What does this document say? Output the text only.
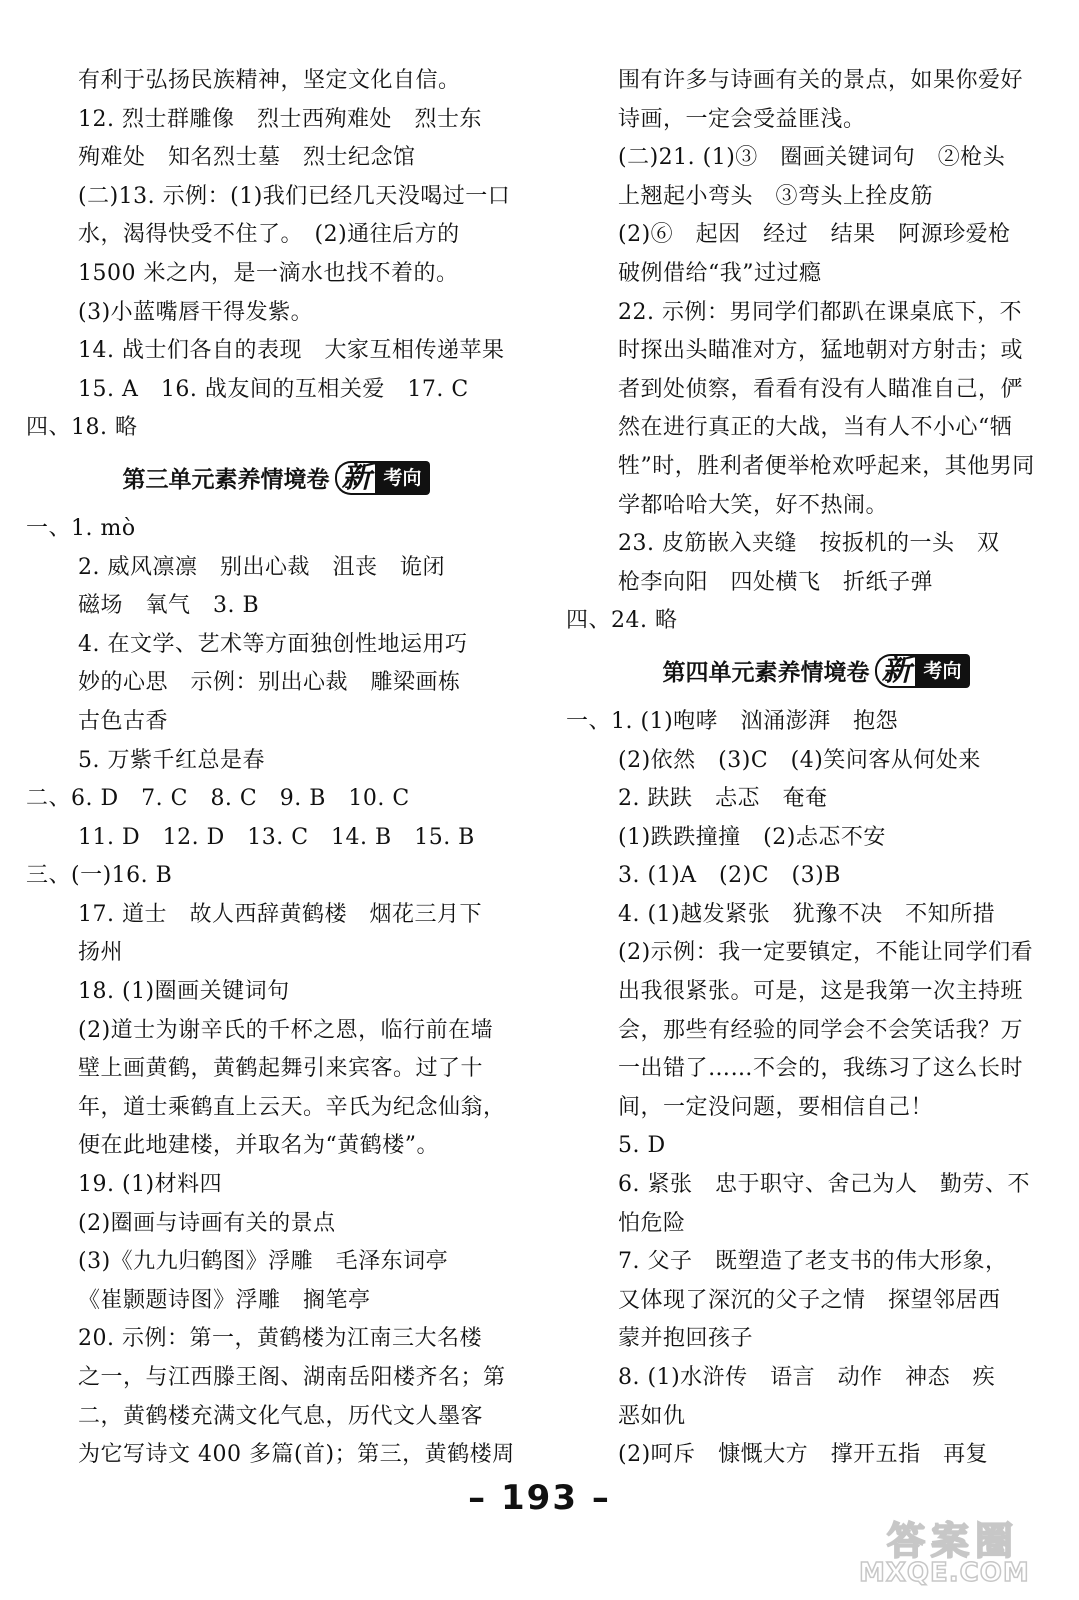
有利于弘扬民族精神，坚定文化自信。
12. 烈士群雕像　烈士西殉难处　烈士东
殉难处　知名烈士墓　烈士纪念馆
(二)13. 示例：(1)我们已经几天没喝过一口
水，渴得快受不住了。　(2)通往后方的
1500 米之内，是一滴水也找不着的。
(3)小蓝嘴唇干得发紫。
14. 战士们各自的表现　大家互相传递苹果
15. A　16. 战友间的互相关爱　17. C
四、18. 略
第三单元素养情境卷 新 考向
一、1. mò
2. 威风凛凛　别出心裁　沮丧　诡闭
磁场　氧气　3. B
4. 在文学、艺术等方面独创性地运用巧
妙的心思　示例：别出心裁　雕梁画栋
古色古香
5. 万紫千红总是春
二、6. D　7. C　8. C　9. B　10. C
11. D　12. D　13. C　14. B　15. B
三、(一)16. B
17. 道士　故人西辞黄鹤楼　烟花三月下
扬州
18. (1)圈画关键词句
(2)道士为谢辛氏的千杯之恩，临行前在墙
壁上画黄鹤，黄鹤起舞引来宾客。过了十
年，道士乘鹤直上云天。辛氏为纪念仙翁，
便在此地建楼，并取名为“黄鹤楼”。
19. (1)材料四
(2)圈画与诗画有关的景点
(3)《九九归鹤图》浮雕　毛泽东词亭
《崔颢题诗图》浮雕　搁笔亭
20. 示例：第一，黄鹤楼为江南三大名楼
之一，与江西滕王阁、湖南岳阳楼齐名；第
二，黄鹤楼充满文化气息，历代文人墨客
为它写诗文 400 多篇(首)；第三，黄鹤楼周
围有许多与诗画有关的景点，如果你爱好
诗画，一定会受益匪浅。
(二)21. (1)③　圈画关键词句　②枪头
上翘起小弯头　③弯头上拴皮筋
(2)⑥　起因　经过　结果　阿源珍爱枪
破例借给“我”过过瘾
22. 示例：男同学们都趴在课桌底下，不
时探出头瞄准对方，猛地朝对方射击；或
者到处侦察，看看有没有人瞄准自己，俨
然在进行真正的大战，当有人不小心“牺
牲”时，胜利者便举枪欢呼起来，其他男同
学都哈哈大笑，好不热闹。
23. 皮筋嵌入夹缝　按扳机的一头　双
枪李向阳　四处横飞　折纸子弹
四、24. 略
第四单元素养情境卷 新 考向
一、1. (1)咆哮　汹涌澎湃　抱怨
(2)依然　(3)C　(4)笑问客从何处来
2. 趺趺　忐忑　奄奄
(1)跌跌撞撞　(2)忐忑不安
3. (1)A　(2)C　(3)B
4. (1)越发紧张　犹豫不决　不知所措
(2)示例：我一定要镇定，不能让同学们看
出我很紧张。可是，这是我第一次主持班
会，那些有经验的同学会不会笑话我？万
一出错了……不会的，我练习了这么长时
间，一定没问题，要相信自己！
5. D
6. 紧张　忠于职守、舍己为人　勤劳、不
怕危险
7. 父子　既塑造了老支书的伟大形象，
又体现了深沉的父子之情　探望邻居西
蒙并抱回孩子
8. (1)水浒传　语言　动作　神态　疾
恶如仇
(2)呵斥　慷慨大方　撑开五指　再复
– 193 –
答案圈
MXQE.COM
